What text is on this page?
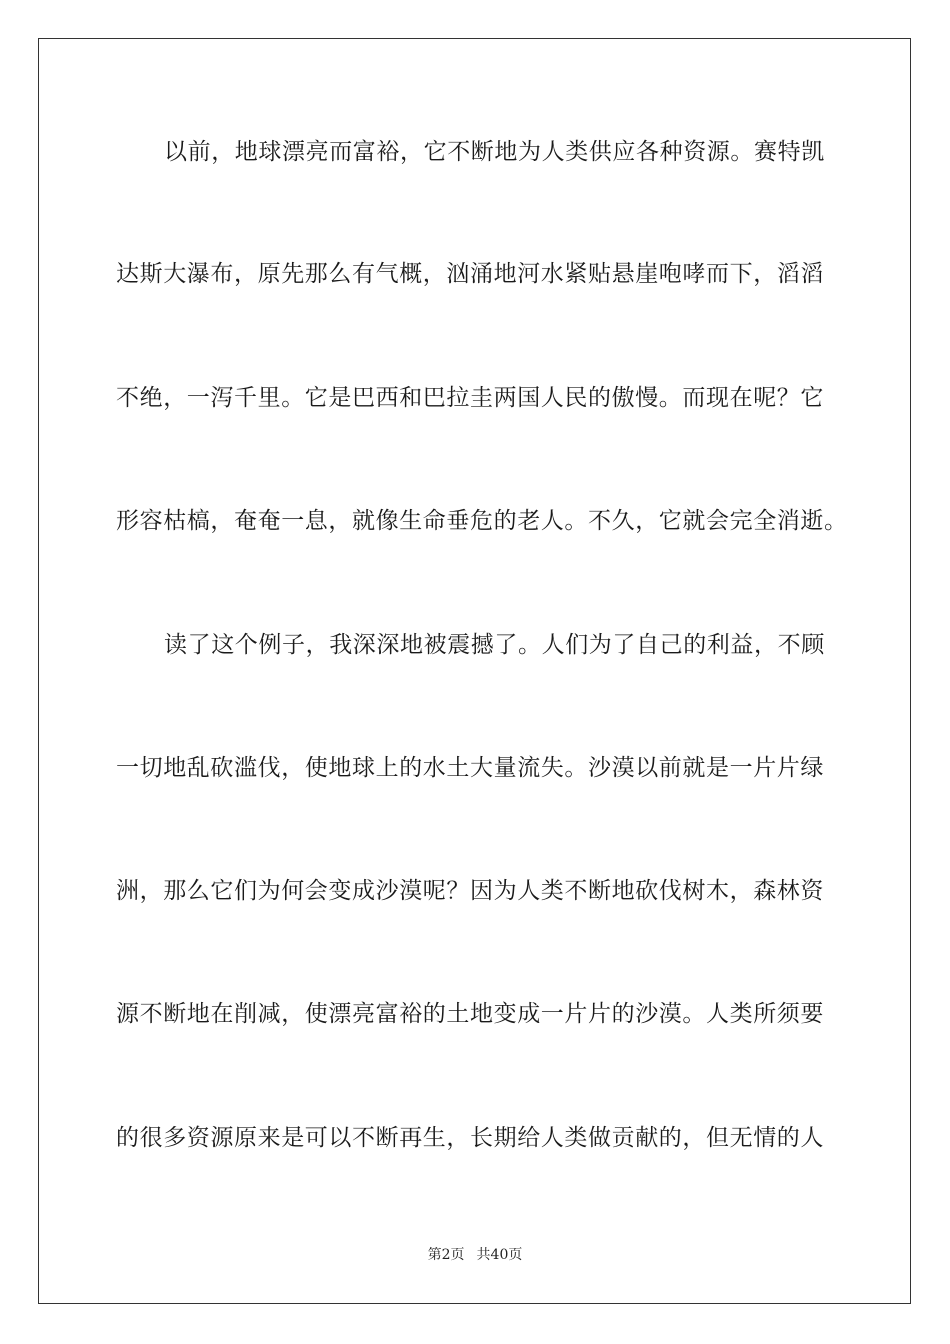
以前，地球漂亮而富裕，它不断地为人类供应各种资源。赛特凯
达斯大瀑布，原先那么有气概，汹涌地河水紧贴悬崖咆哮而下，滔滔
不绝，一泻千里。它是巴西和巴拉圭两国人民的傲慢。而现在呢？它
形容枯槁，奄奄一息，就像生命垂危的老人。不久，它就会完全消逝。
读了这个例子，我深深地被震撼了。人们为了自己的利益，不顾
一切地乱砍滥伐，使地球上的水土大量流失。沙漠以前就是一片片绿
洲，那么它们为何会变成沙漠呢？因为人类不断地砍伐树木，森林资
源不断地在削减，使漂亮富裕的土地变成一片片的沙漠。人类所须要
的很多资源原来是可以不断再生，长期给人类做贡献的，但无情的人
第2页 共40页
